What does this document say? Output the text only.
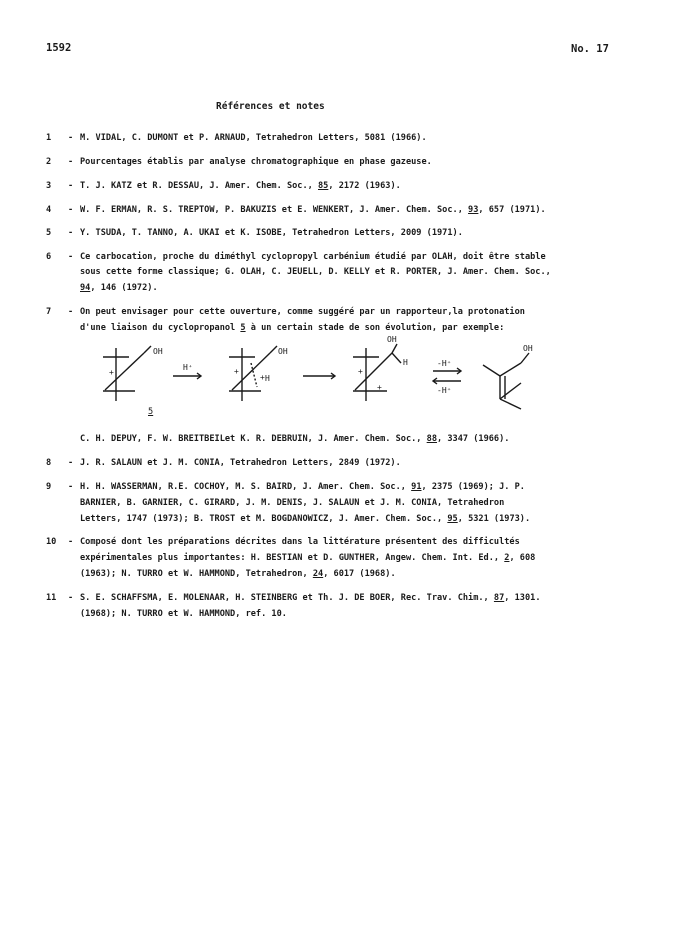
1592	No. 17
Références et notes
1 - M. VIDAL, C. DUMONT et P. ARNAUD, Tetrahedron Letters, 5081 (1966).
2 - Pourcentages établis par analyse chromatographique en phase gazeuse.
3 - T. J. KATZ et R. DESSAU, J. Amer. Chem. Soc., 85, 2172 (1963).
4 - W. F. ERMAN, R. S. TREPTOW, P. BAKUZIS et E. WENKERT, J. Amer. Chem. Soc., 93, 657 (1971).
5 - Y. TSUDA, T. TANNO, A. UKAI et K. ISOBE, Tetrahedron Letters, 2009 (1971).
6 - Ce carbocation, proche du diméthyl cyclopropyl carbénium étudié par OLAH, doit être stable
sous cette forme classique; G. OLAH, C. JEUELL, D. KELLY et R. PORTER, J. Amer. Chem. Soc.,
94, 146 (1972).
7 - On peut envisager pour cette ouverture, comme suggéré par un rapporteur,la protonation
d'une liaison du cyclopropanol 5 à un certain stade de son évolution, par exemple:
OH
+
H⁺
OH
+
+ H
OH
H
+
+
-H⁺
-H⁺
OH
5
C. H. DEPUY, F. W. BREITBEILet K. R. DEBRUIN, J. Amer. Chem. Soc., 88, 3347 (1966).
8 - J. R. SALAUN et J. M. CONIA, Tetrahedron Letters, 2849 (1972).
9 - H. H. WASSERMAN, R.E. COCHOY, M. S. BAIRD, J. Amer. Chem. Soc., 91, 2375 (1969); J. P.
BARNIER, B. GARNIER, C. GIRARD, J. M. DENIS, J. SALAUN et J. M. CONIA, Tetrahedron
Letters, 1747 (1973); B. TROST et M. BOGDANOWICZ, J. Amer. Chem. Soc., 95, 5321 (1973).
10 - Composé dont les préparations décrites dans la littérature présentent des difficultés
expérimentales plus importantes: H. BESTIAN et D. GUNTHER, Angew. Chem. Int. Ed., 2, 608
(1963); N. TURRO et W. HAMMOND, Tetrahedron, 24, 6017 (1968).
11 - S. E. SCHAFFSMA, E. MOLENAAR, H. STEINBERG et Th. J. DE BOER, Rec. Trav. Chim., 87, 1301.
(1968); N. TURRO et W. HAMMOND, ref. 10.
